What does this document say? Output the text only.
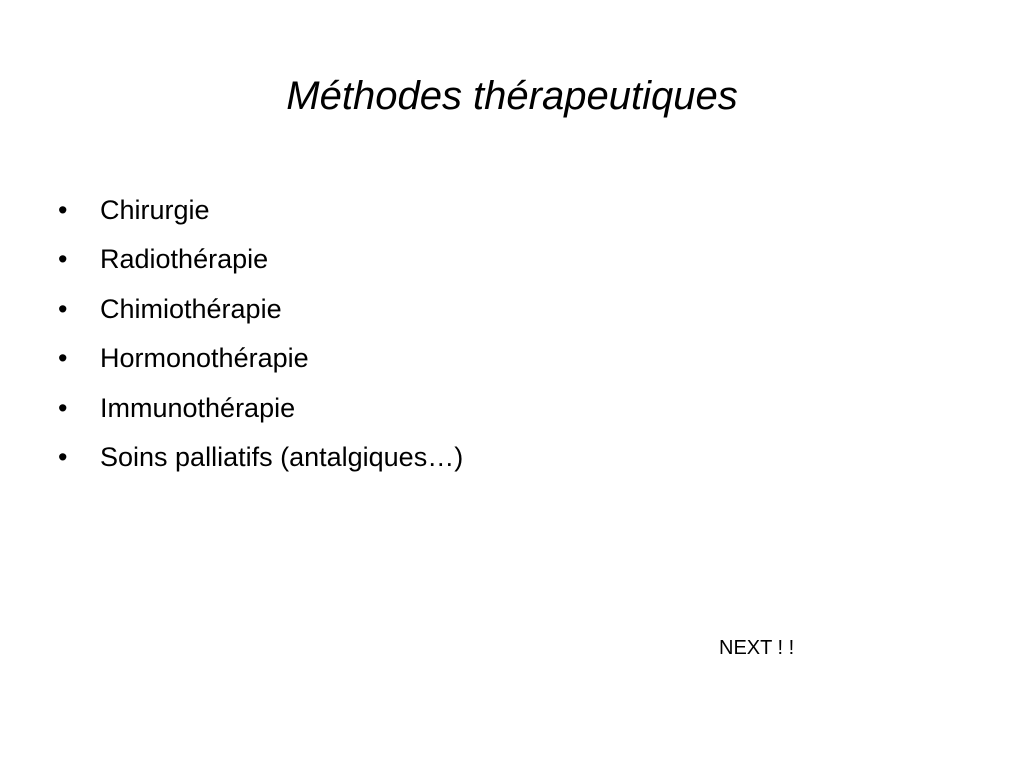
Méthodes thérapeutiques
•	Chirurgie
•	Radiothérapie
•	Chimiothérapie
•	Hormonothérapie
•	Immunothérapie
•	Soins palliatifs (antalgiques…)
NEXT ! !
